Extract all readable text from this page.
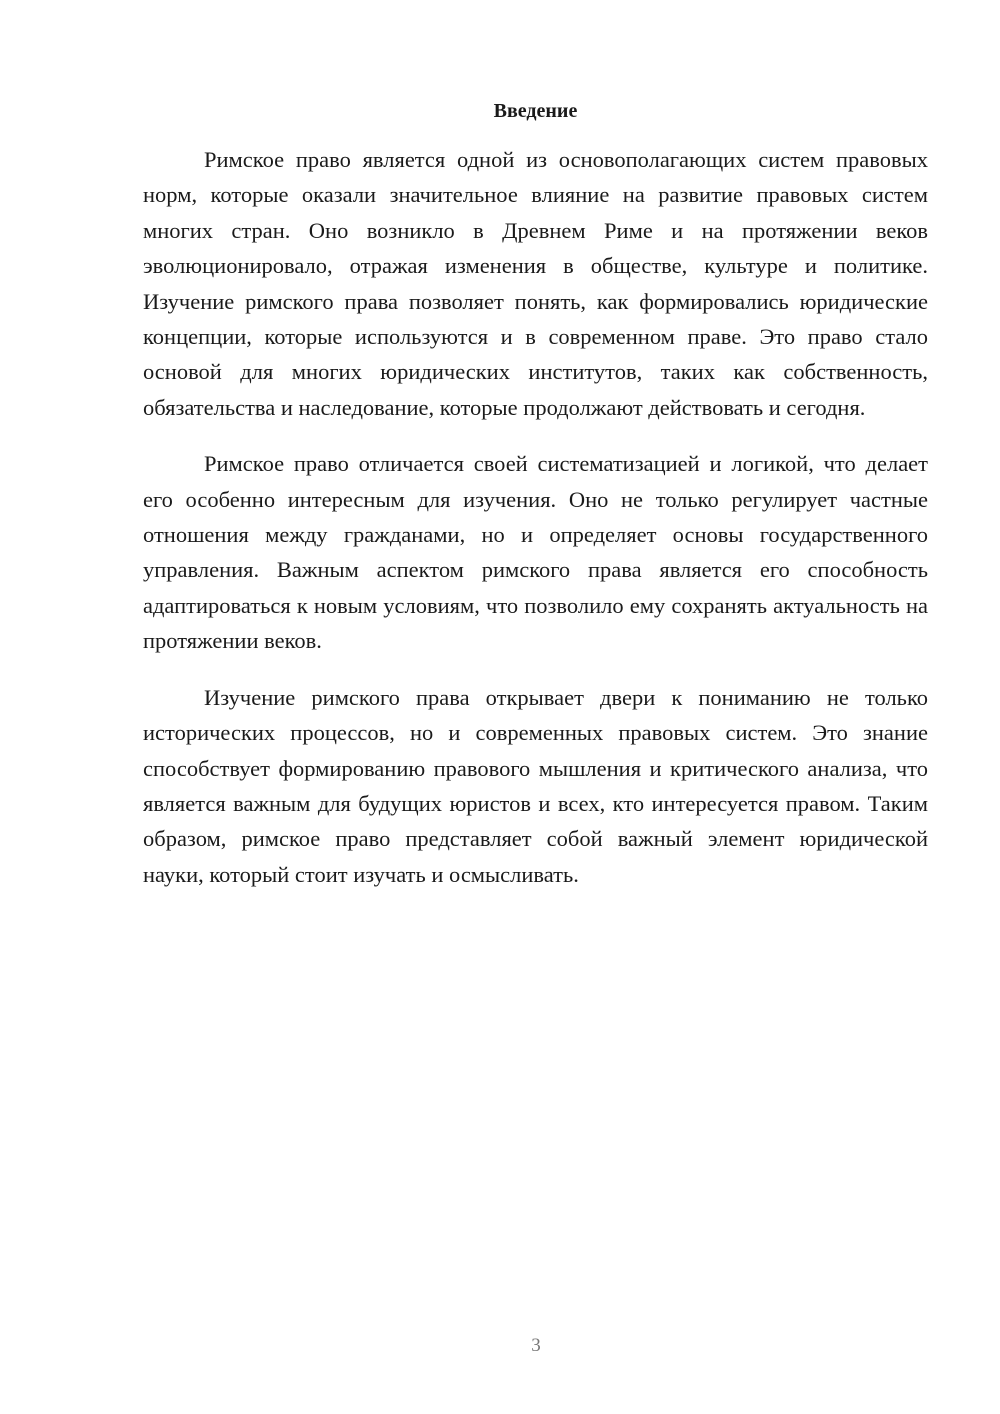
Введение

Римское право является одной из основополагающих систем правовых норм, которые оказали значительное влияние на развитие правовых систем многих стран. Оно возникло в Древнем Риме и на протяжении веков эволюционировало, отражая изменения в обществе, культуре и политике. Изучение римского права позволяет понять, как формировались юридические концепции, которые используются и в современном праве. Это право стало основой для многих юридических институтов, таких как собственность, обязательства и наследование, которые продолжают действовать и сегодня.

Римское право отличается своей систематизацией и логикой, что делает его особенно интересным для изучения. Оно не только регулирует частные отношения между гражданами, но и определяет основы государственного управления. Важным аспектом римского права является его способность адаптироваться к новым условиям, что позволило ему сохранять актуальность на протяжении веков.

Изучение римского права открывает двери к пониманию не только исторических процессов, но и современных правовых систем. Это знание способствует формированию правового мышления и критического анализа, что является важным для будущих юристов и всех, кто интересуется правом. Таким образом, римское право представляет собой важный элемент юридической науки, который стоит изучать и осмысливать.

3
